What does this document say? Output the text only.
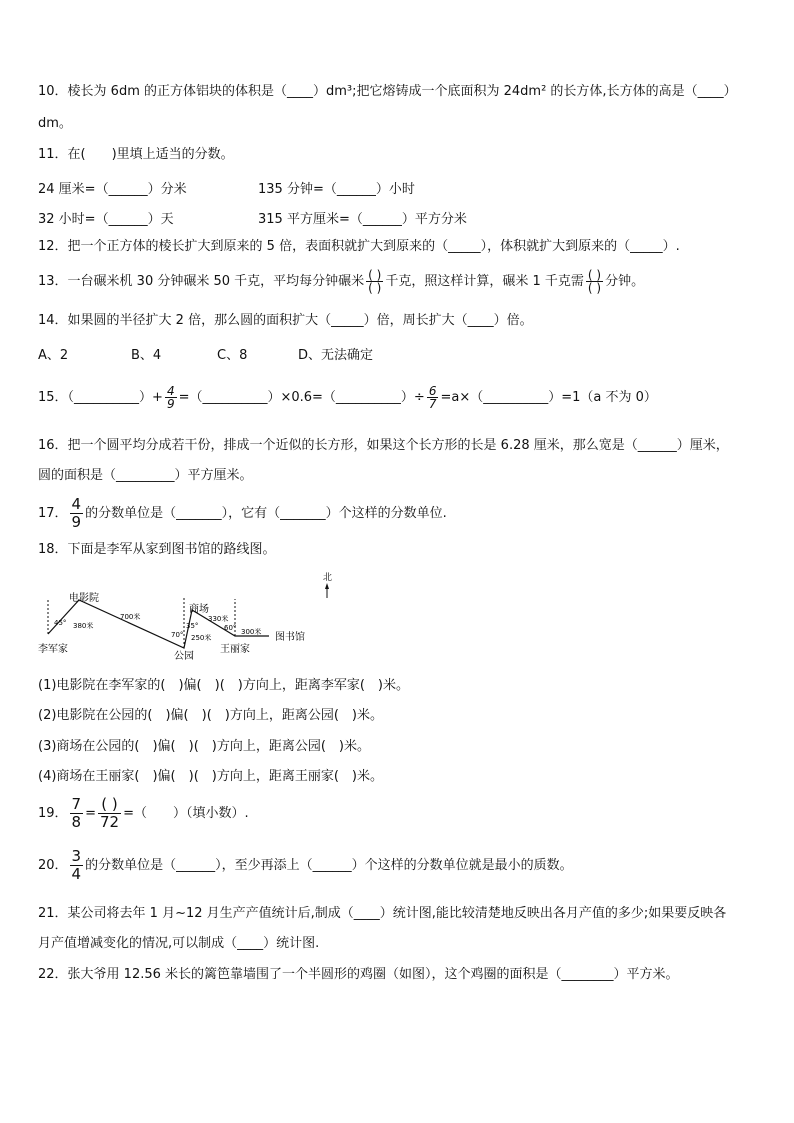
10．棱长为 6dm 的正方体铝块的体积是（____）dm³;把它熔铸成一个底面积为 24dm² 的长方体,长方体的高是（____）
dm。
11．在(　　)里填上适当的分数。
24 厘米=（______）分米	135 分钟=（______）小时
32 小时=（______）天	315 平方厘米=（______）平方分米
12．把一个正方体的棱长扩大到原来的 5 倍，表面积就扩大到原来的（_____），体积就扩大到原来的（_____）.
13．一台碾米机 30 分钟碾米 50 千克，平均每分钟碾米 $\frac{( )}{( )}$ 千克，照这样计算，碾米 1 千克需 $\frac{( )}{( )}$ 分钟。
14．如果圆的半径扩大 2 倍，那么圆的面积扩大（_____）倍，周长扩大（____）倍。
A、2	B、4	C、8	D、无法确定
15．（__________）+ $\frac{4}{9}$ =（__________）×0.6=（__________）÷ $\frac{6}{7}$ =a×（__________）=1（a 不为 0）
16．把一个圆平均分成若干份，排成一个近似的长方形，如果这个长方形的长是 6.28 厘米，那么宽是（______）厘米，
圆的面积是（_________）平方厘米。
17． $\frac{4}{9}$ 的分数单位是（_______），它有（_______）个这样的分数单位.
18．下面是李军从家到图书馆的路线图。
北
电影院
商场
李军家
公园
王丽家
图书馆
45° 380米
700米
70°
35°
250米
330米
60° 300米
(1)电影院在李军家的(　)偏(　)(　)方向上，距离李军家(　)米。
(2)电影院在公园的(　)偏(　)(　)方向上，距离公园(　)米。
(3)商场在公园的(　)偏(　)(　)方向上，距离公园(　)米。
(4)商场在王丽家(　)偏(　)(　)方向上，距离王丽家(　)米。
19． $\frac{7}{8} = \frac{( )}{72}$ =（　　）（填小数）.
20． $\frac{3}{4}$ 的分数单位是（______），至少再添上（______）个这样的分数单位就是最小的质数。
21．某公司将去年 1 月~12 月生产产值统计后,制成（____）统计图,能比较清楚地反映出各月产值的多少;如果要反映各
月产值增减变化的情况,可以制成（____）统计图.
22．张大爷用 12.56 米长的篱笆靠墙围了一个半圆形的鸡圈（如图），这个鸡圈的面积是（________）平方米。
